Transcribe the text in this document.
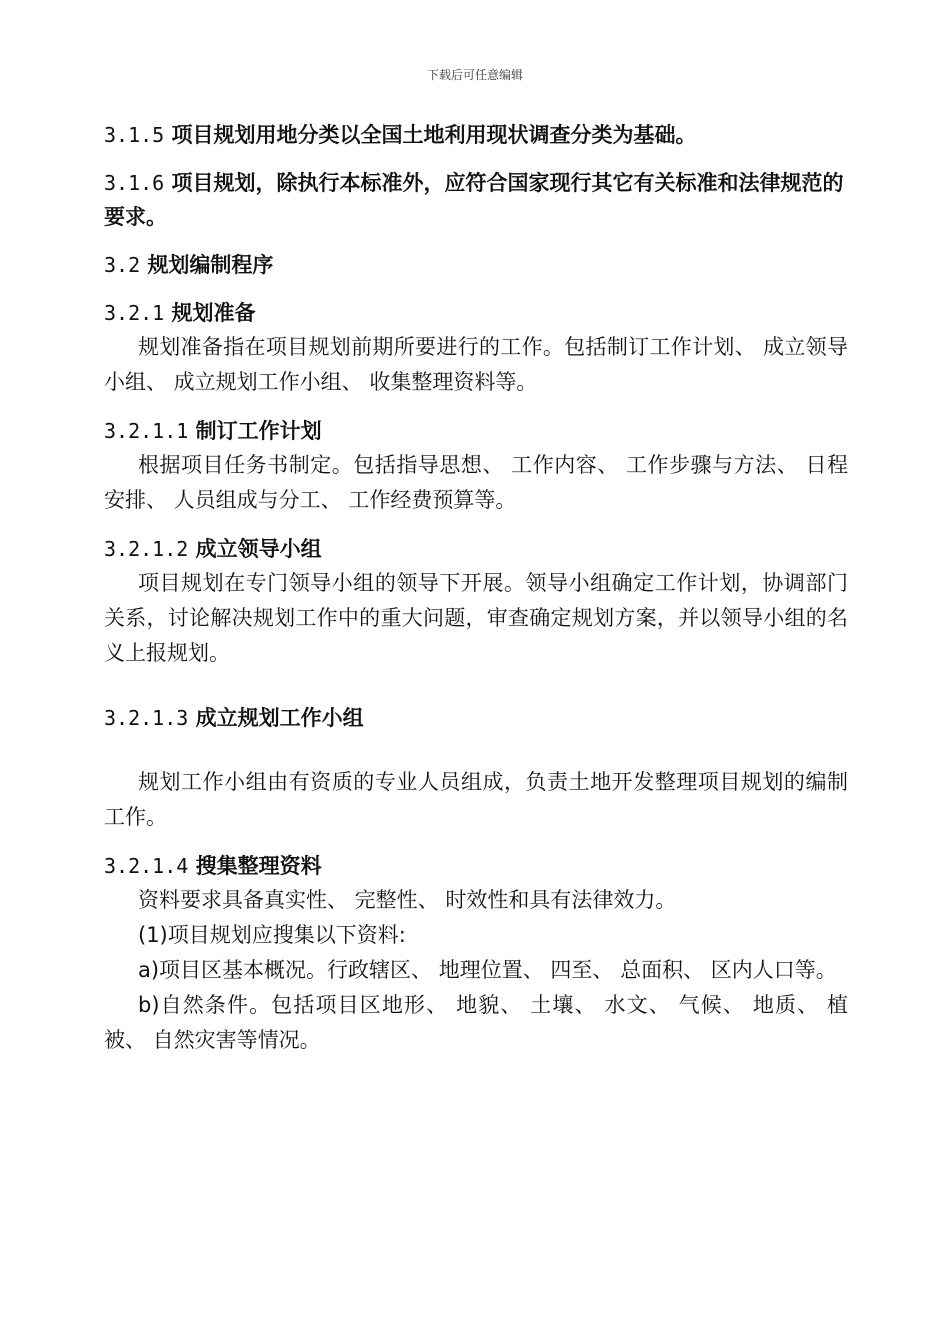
下载后可任意编辑

3.1.5 项目规划用地分类以全国土地利用现状调查分类为基础。

3.1.6 项目规划，除执行本标准外，应符合国家现行其它有关标准和法律规范的要求。

3.2 规划编制程序

3.2.1 规划准备

规划准备指在项目规划前期所要进行的工作。包括制订工作计划、 成立领导小组、 成立规划工作小组、 收集整理资料等。

3.2.1.1 制订工作计划

根据项目任务书制定。包括指导思想、 工作内容、 工作步骤与方法、 日程安排、 人员组成与分工、 工作经费预算等。

3.2.1.2 成立领导小组

项目规划在专门领导小组的领导下开展。领导小组确定工作计划，协调部门关系，讨论解决规划工作中的重大问题，审查确定规划方案，并以领导小组的名义上报规划。

3.2.1.3 成立规划工作小组

规划工作小组由有资质的专业人员组成，负责土地开发整理项目规划的编制工作。

3.2.1.4 搜集整理资料

资料要求具备真实性、 完整性、 时效性和具有法律效力。

(1)项目规划应搜集以下资料:

a)项目区基本概况。行政辖区、 地理位置、 四至、 总面积、 区内人口等。

b)自然条件。包括项目区地形、 地貌、 土壤、 水文、 气候、 地质、 植被、 自然灾害等情况。
